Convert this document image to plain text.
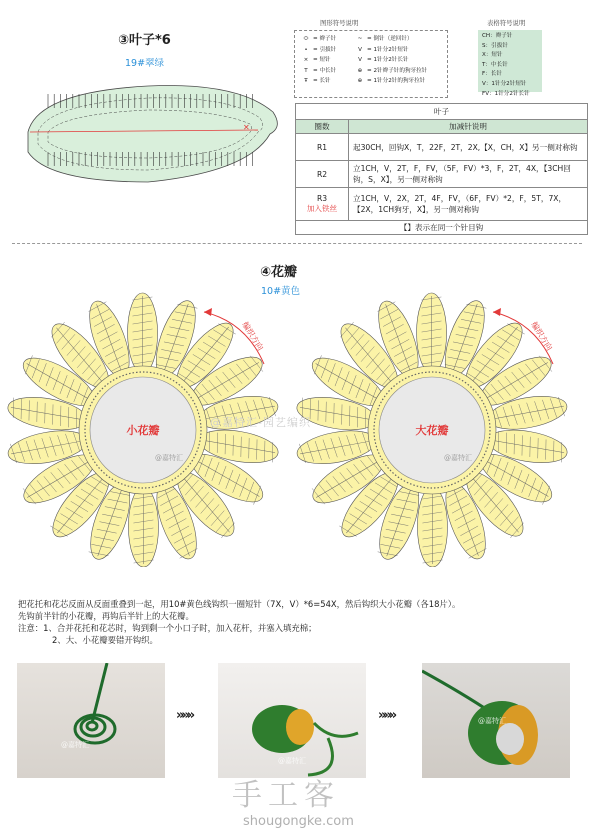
③叶子*6
19#翠绿
✕
图形符号说明
⬭ = 辫子针
• = 引拔针
× = 短针
T = 中长针
Ŧ = 长针
~ = 倒针（逆回针）
V = 1针分2针短针
V = 1针分2针长针
⊕ = 2针辫子针的狗牙拉针
⊕ = 1针分2针的狗牙拉针
表格符号说明
CH：辫子针
S：引拔针
X：短针
T：中长针
F：长针
V：1针分2针短针
FV：1针分2针长针
叶子	
圈数	加减针说明
R1	起30CH，回钩X，T，22F，2T，2X,【X，CH，X】另一侧对称钩
R2	立1CH，V，2T，F，FV，（5F，FV）*3，F，2T，4X，【3CH回钩，S，X】，另一侧对称钩
R3
加入铁丝	立1CH，V，2X，2T，4F，FV，（6F，FV）*2，F，5T，7X，【2X，1CH狗牙，X】，另一侧对称钩
【】表示在同一个针目钩	
④花瓣
10#黄色
小花瓣
@嘉特汇
编织方向
大花瓣
@嘉特汇
编织方向
@嘉特汇-园艺编织

把花托和花芯反面从反面重叠到一起，用10#黄色线钩织一圈短针（7X，V）*6=54X，然后钩织大小花瓣（各18片）。

先钩前半针的小花瓣，再钩后半针上的大花瓣。

注意：1、合并花托和花芯时，钩到剩一个小口子时，加入花杆，并塞入填充棉；

2、大、小花瓣要错开钩织。

@嘉特汇
»»»
@嘉特汇
»»»	@嘉特汇
手工客
shougongke.com
